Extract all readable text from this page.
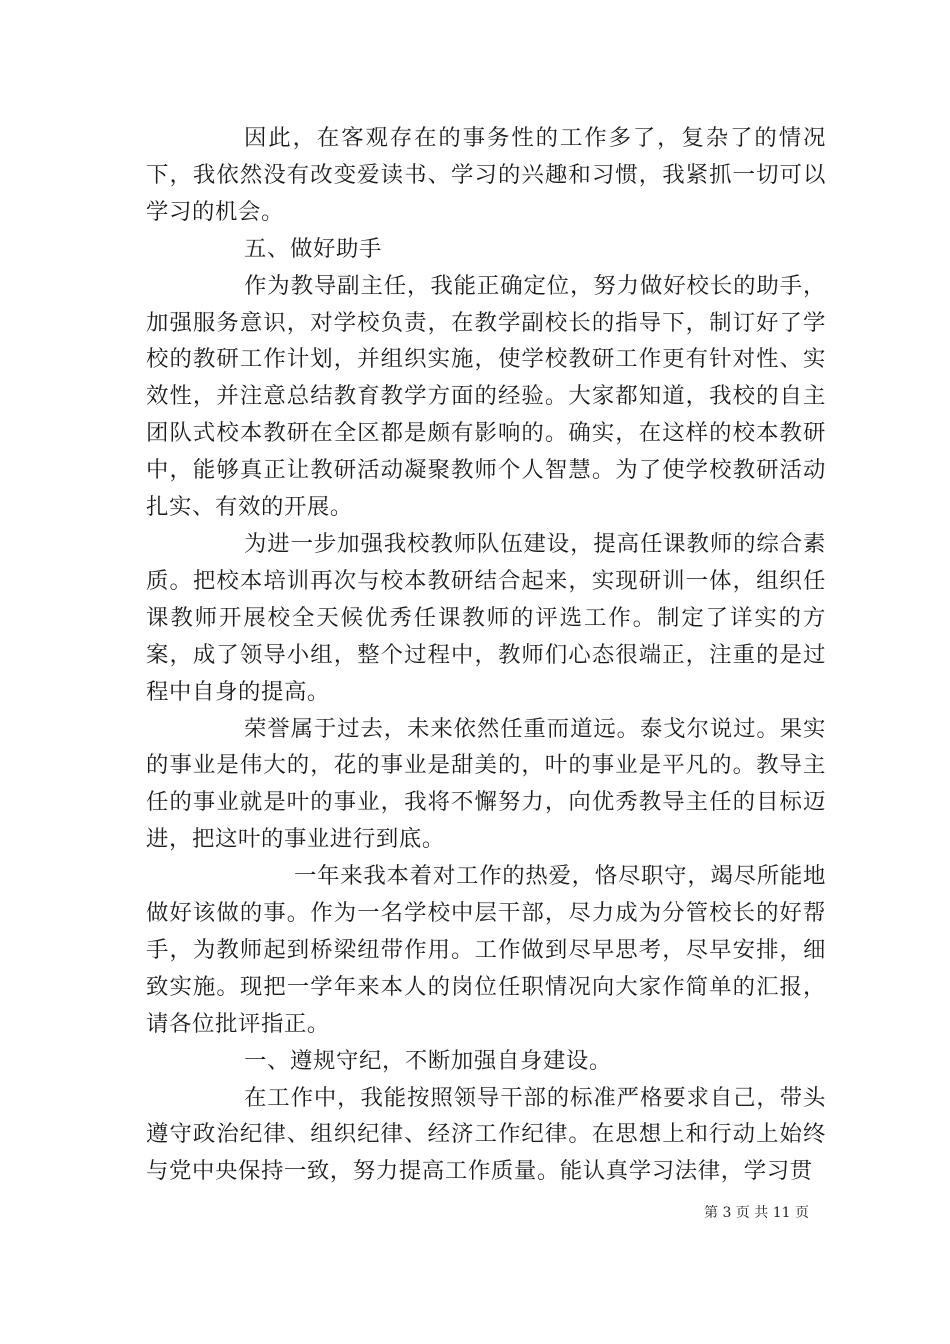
因此，在客观存在的事务性的工作多了，复杂了的情况下，我依然没有改变爱读书、学习的兴趣和习惯，我紧抓一切可以学习的机会。

五、做好助手

作为教导副主任，我能正确定位，努力做好校长的助手，加强服务意识，对学校负责，在教学副校长的指导下，制订好了学校的教研工作计划，并组织实施，使学校教研工作更有针对性、实效性，并注意总结教育教学方面的经验。大家都知道，我校的自主团队式校本教研在全区都是颇有影响的。确实，在这样的校本教研中，能够真正让教研活动凝聚教师个人智慧。为了使学校教研活动扎实、有效的开展。

为进一步加强我校教师队伍建设，提高任课教师的综合素质。把校本培训再次与校本教研结合起来，实现研训一体，组织任课教师开展校全天候优秀任课教师的评选工作。制定了详实的方案，成了领导小组，整个过程中，教师们心态很端正，注重的是过程中自身的提高。

荣誉属于过去，未来依然任重而道远。泰戈尔说过。果实的事业是伟大的，花的事业是甜美的，叶的事业是平凡的。教导主任的事业就是叶的事业，我将不懈努力，向优秀教导主任的目标迈进，把这叶的事业进行到底。

一年来我本着对工作的热爱，恪尽职守，竭尽所能地做好该做的事。作为一名学校中层干部，尽力成为分管校长的好帮手，为教师起到桥梁纽带作用。工作做到尽早思考，尽早安排，细致实施。现把一学年来本人的岗位任职情况向大家作简单的汇报，请各位批评指正。

一、遵规守纪，不断加强自身建设。

在工作中，我能按照领导干部的标准严格要求自己，带头遵守政治纪律、组织纪律、经济工作纪律。在思想上和行动上始终与党中央保持一致，努力提高工作质量。能认真学习法律，学习贯

第 3 页 共 11 页
